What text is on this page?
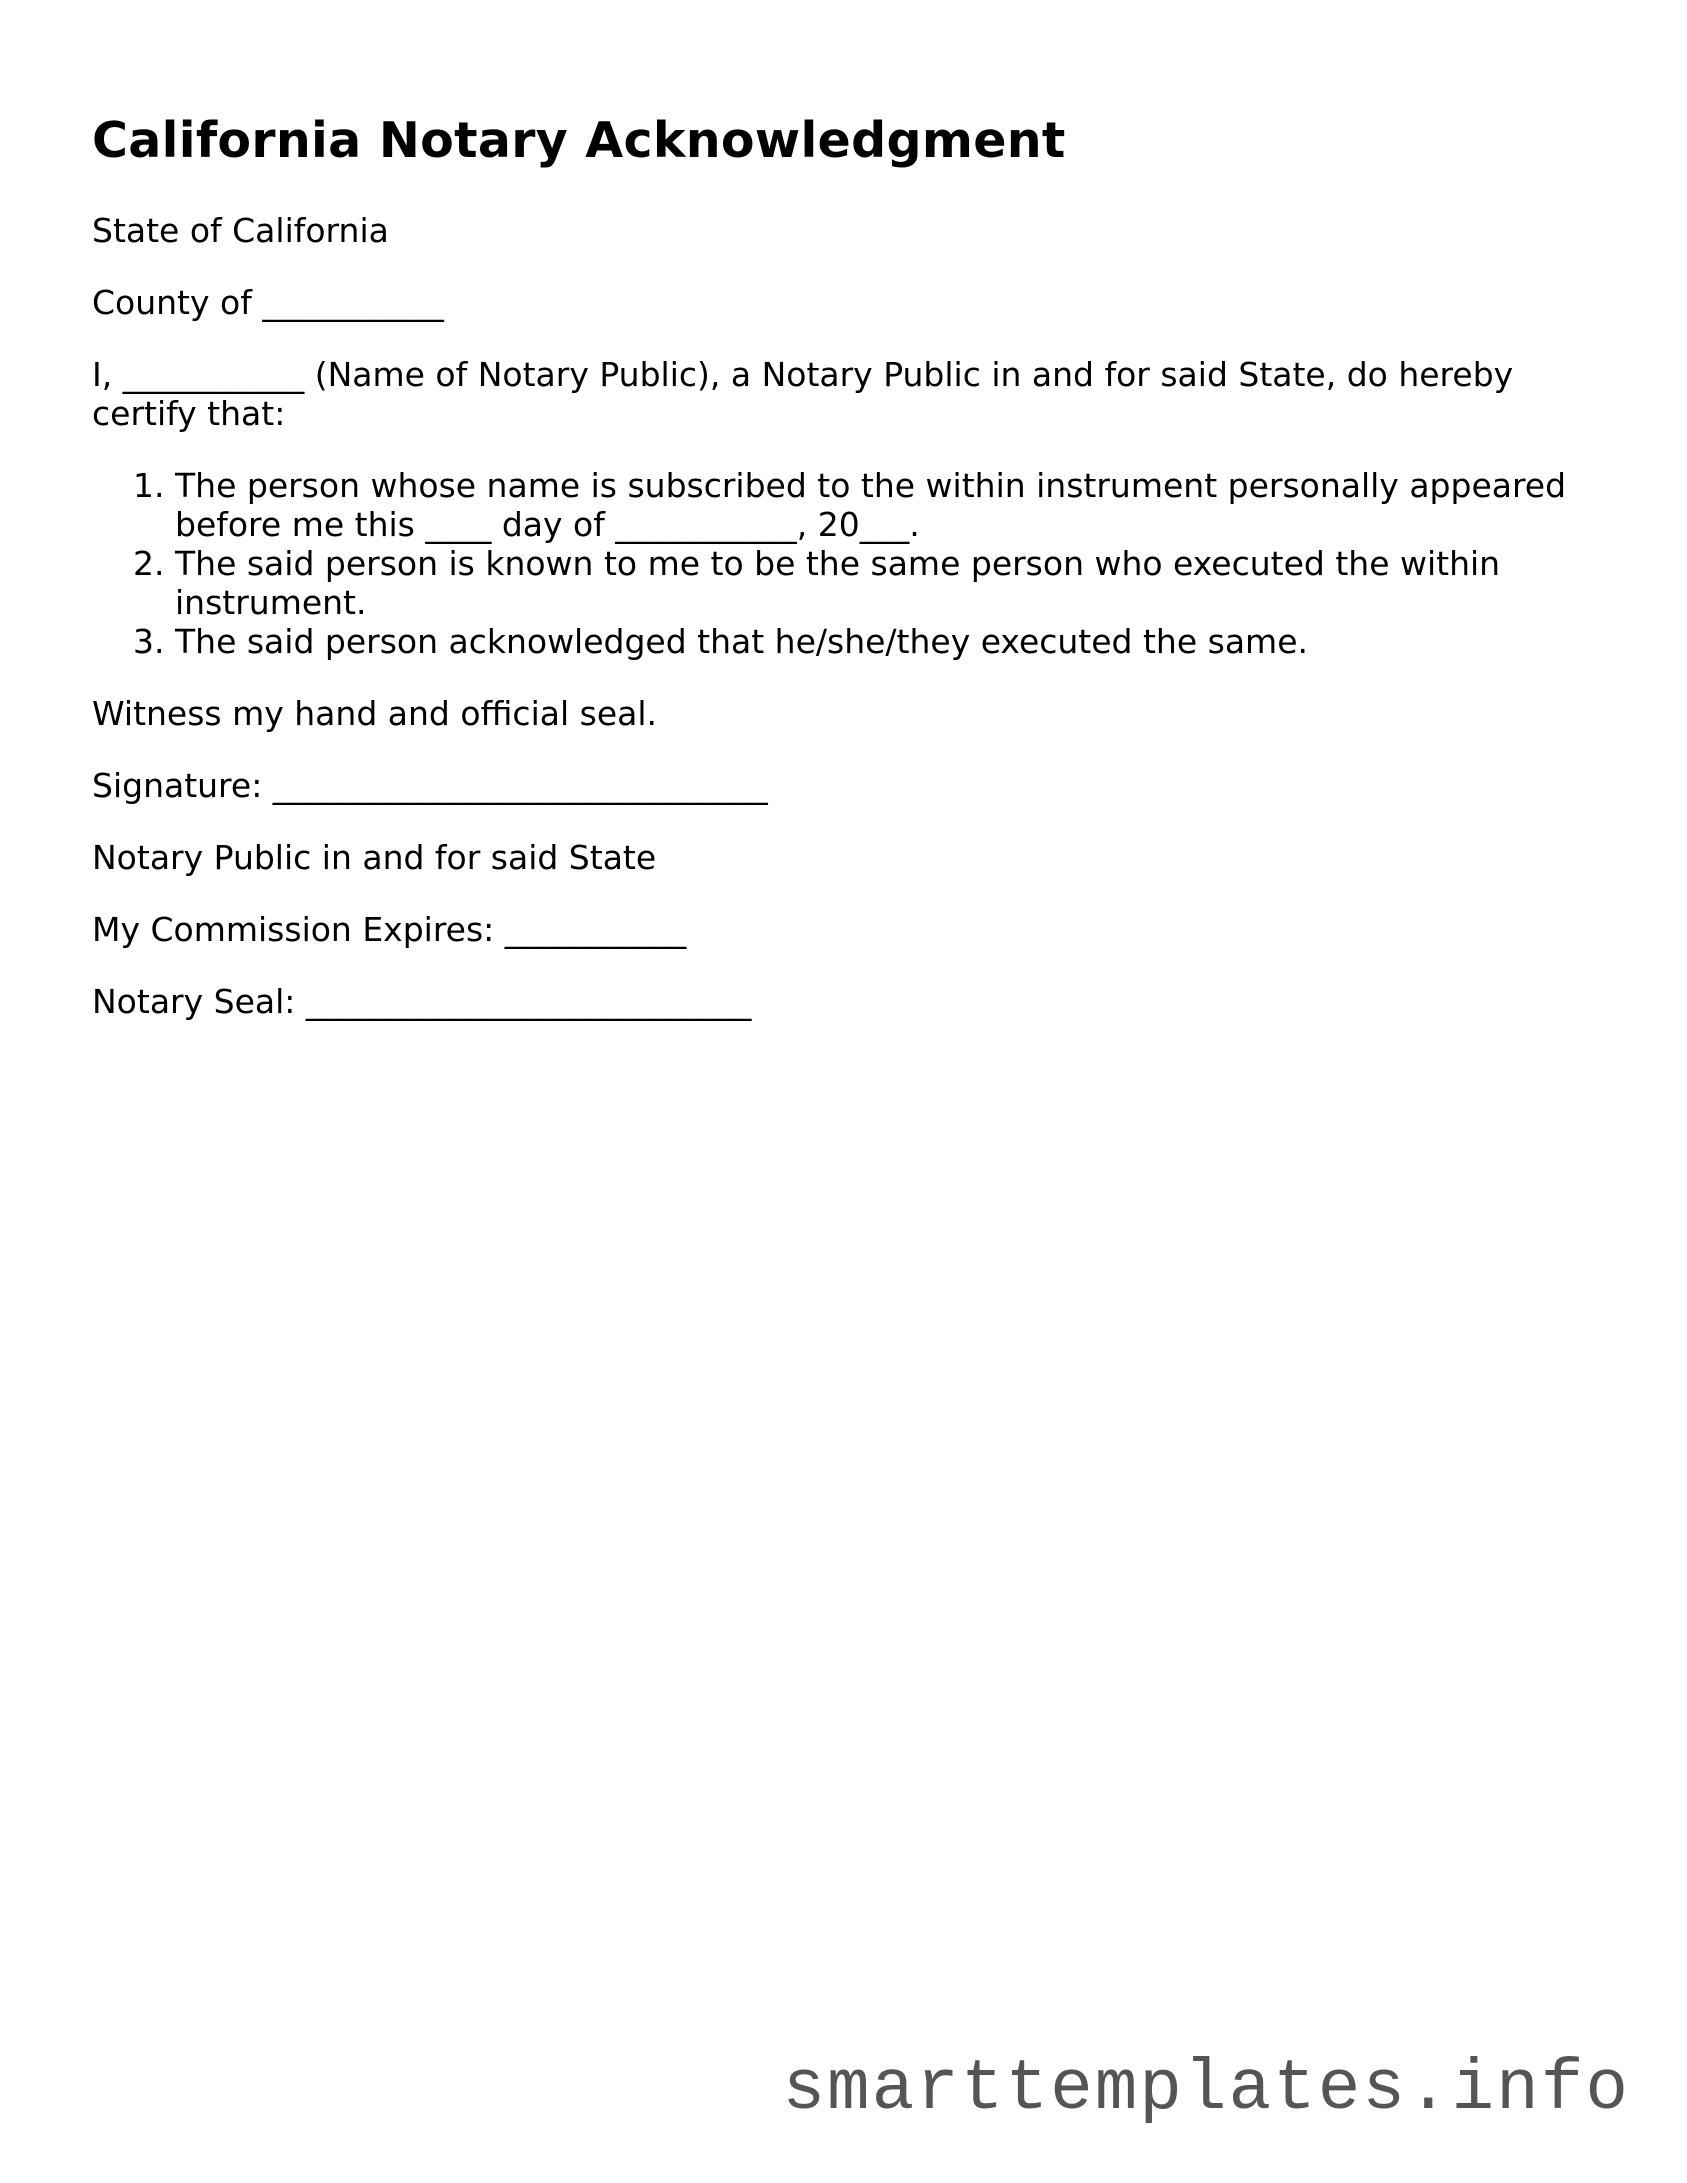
California Notary Acknowledgment

State of California

County of ___________

I, ___________ (Name of Notary Public), a Notary Public in and for said State, do hereby certify that:

1. The person whose name is subscribed to the within instrument personally appeared before me this ____ day of ___________, 20___.
2. The said person is known to me to be the same person who executed the within instrument.
3. The said person acknowledged that he/she/they executed the same.

Witness my hand and official seal.

Signature: ______________________________

Notary Public in and for said State

My Commission Expires: ___________

Notary Seal: ___________________________

smarttemplates.info
